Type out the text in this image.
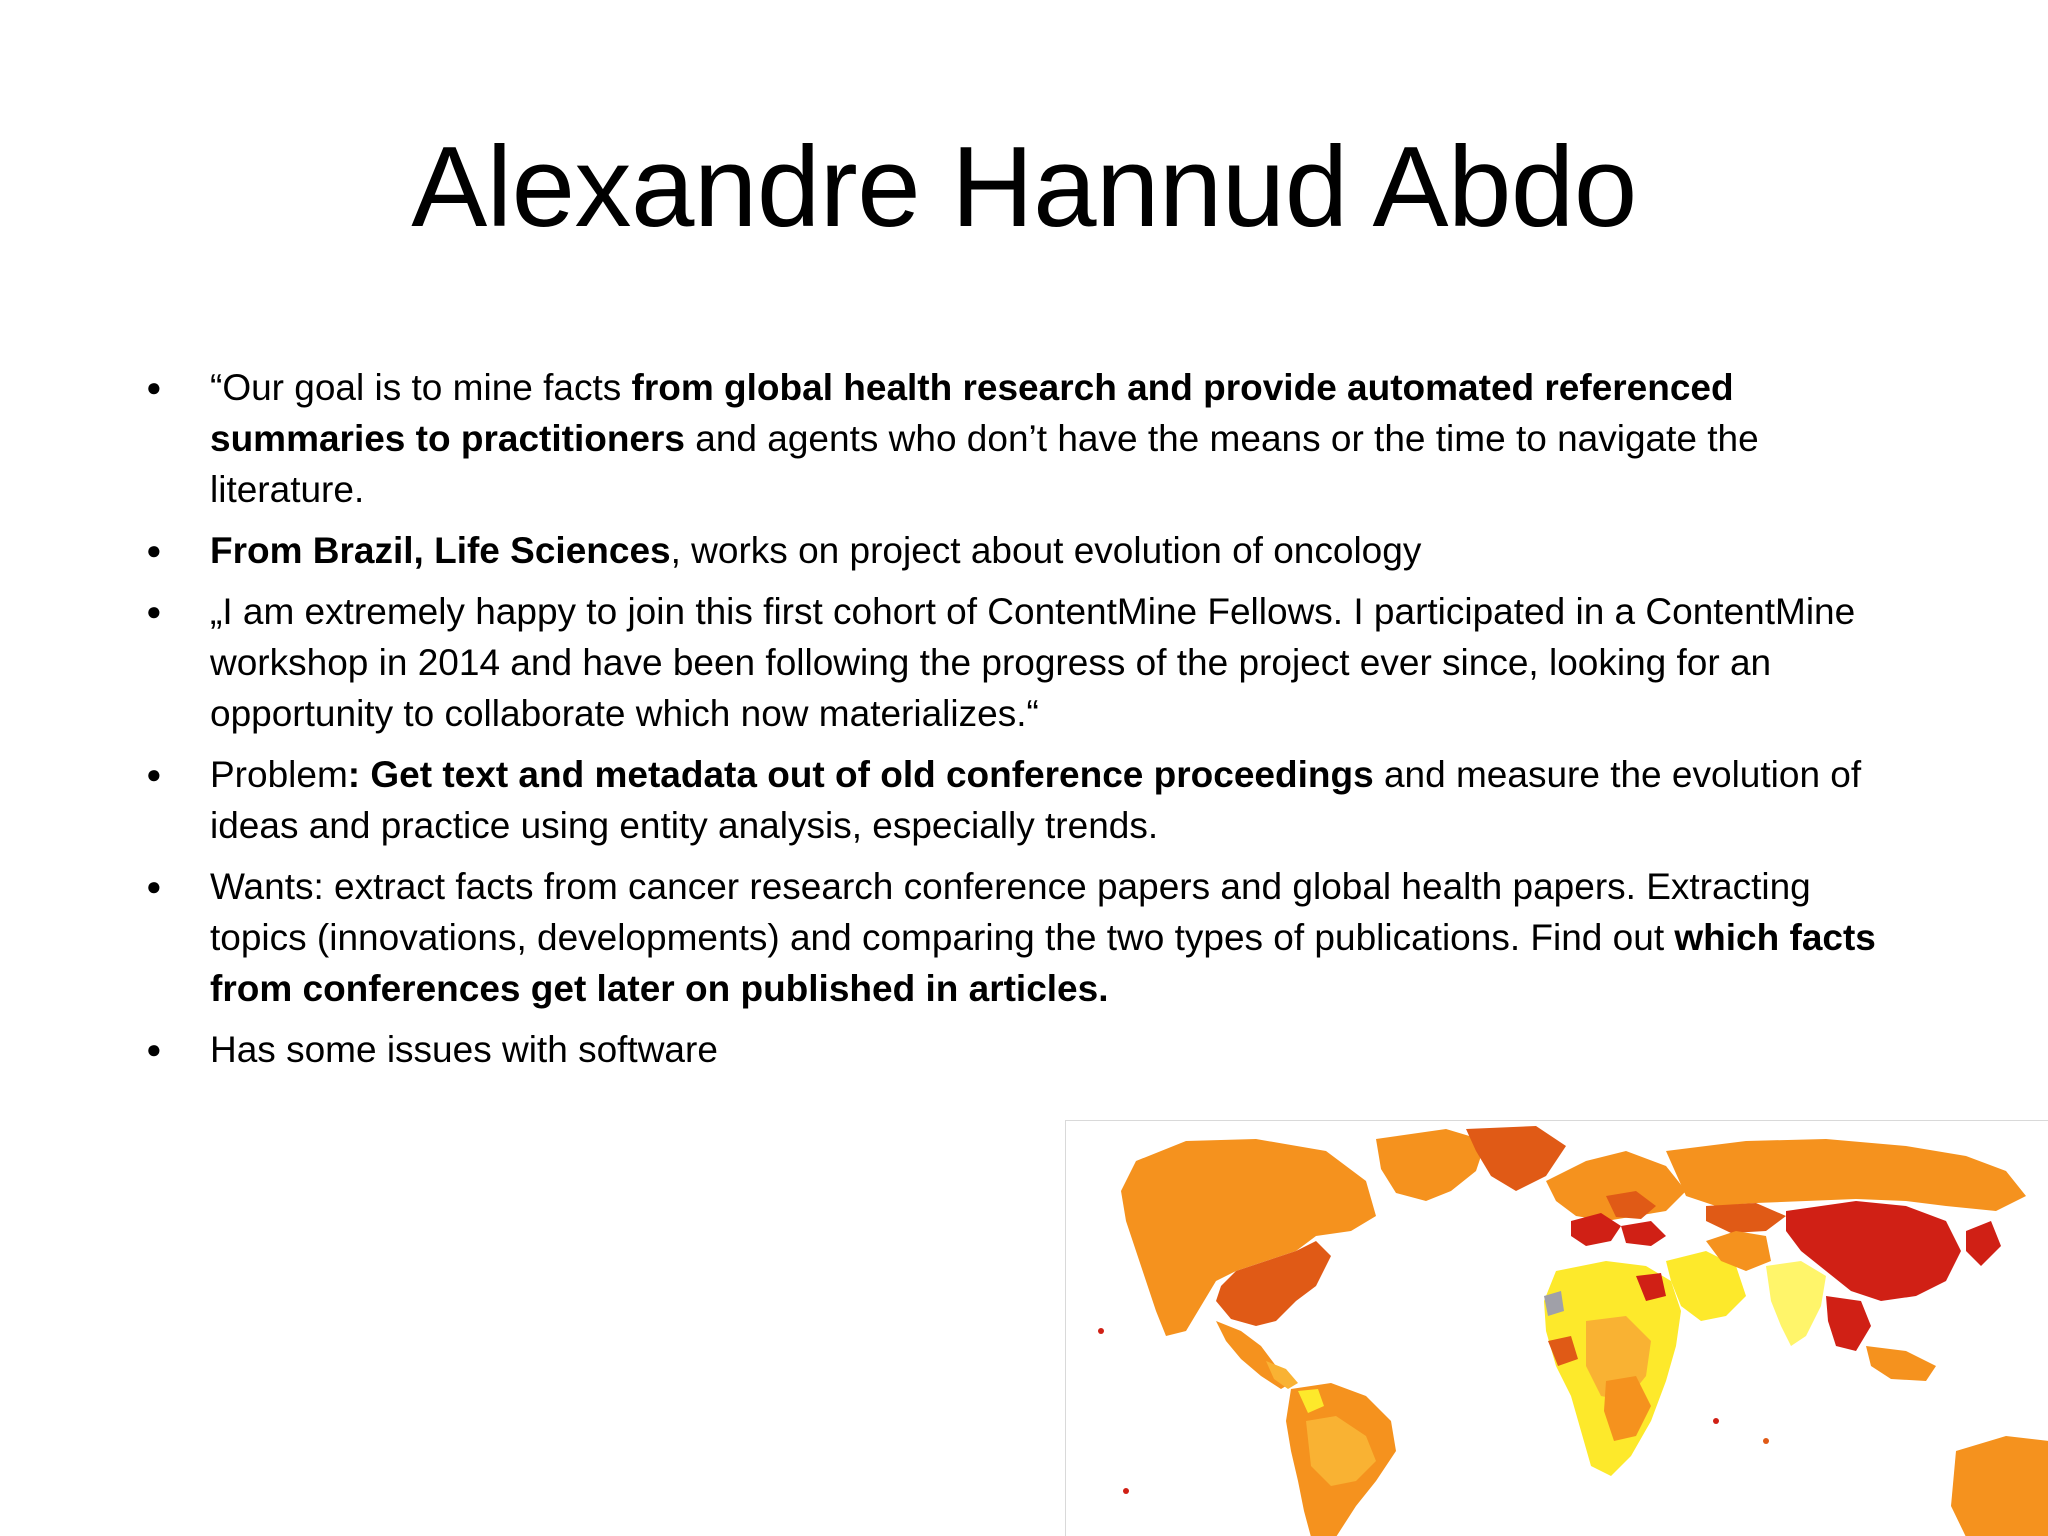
Alexandre Hannud Abdo
● “Our goal is to mine facts from global health research and provide automated referenced summaries to practitioners and agents who don’t have the means or the time to navigate the literature.
● From Brazil, Life Sciences, works on project about evolution of oncology
● „I am extremely happy to join this first cohort of ContentMine Fellows. I participated in a ContentMine workshop in 2014 and have been following the progress of the project ever since, looking for an opportunity to collaborate which now materializes.“
● Problem: Get text and metadata out of old conference proceedings and measure the evolution of ideas and practice using entity analysis, especially trends.
● Wants: extract facts from cancer research conference papers and global health papers. Extracting topics (innovations, developments) and comparing the two types of publications. Find out which facts from conferences get later on published in articles.
● Has some issues with software
